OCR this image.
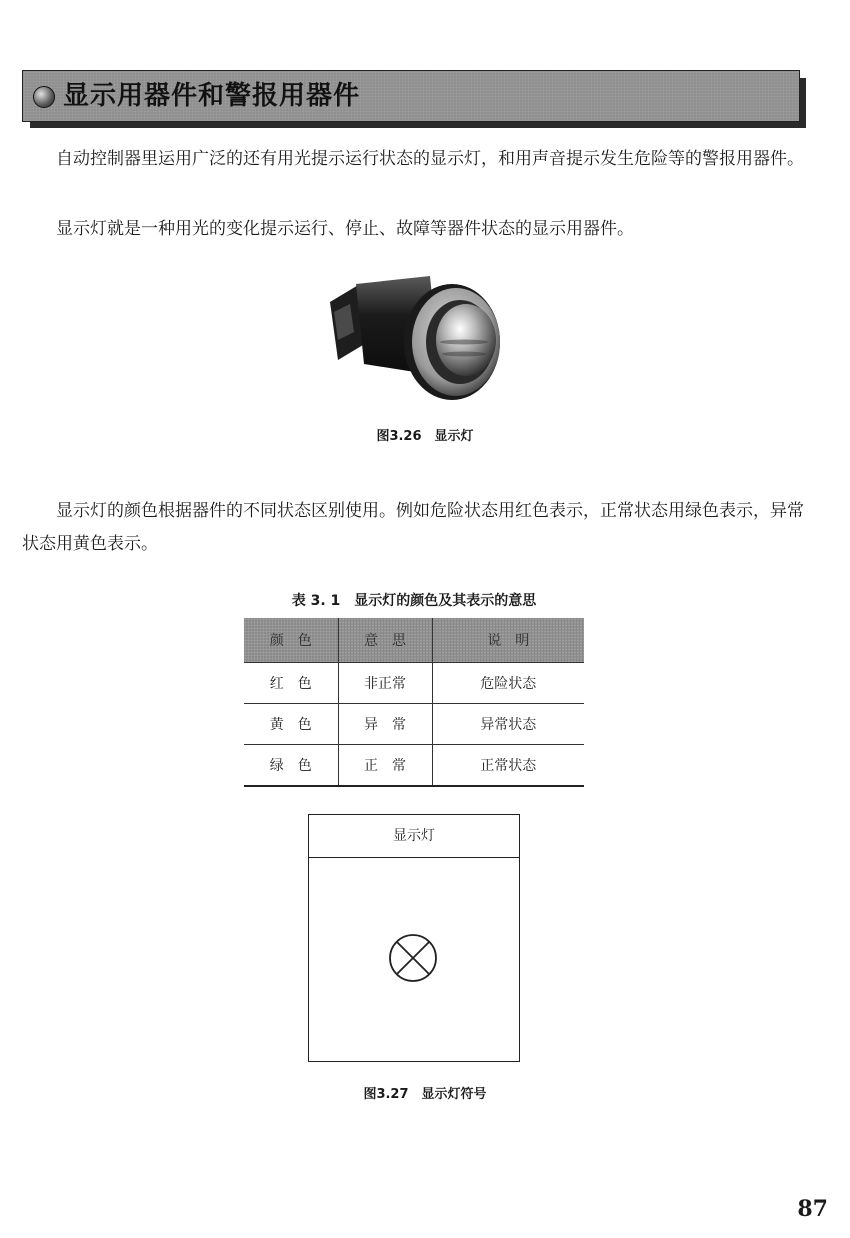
显示用器件和警报用器件

自动控制器里运用广泛的还有用光提示运行状态的显示灯，和用声音提示发生危险等的警报用器件。

显示灯就是一种用光的变化提示运行、停止、故障等器件状态的显示用器件。

图3.26　显示灯

显示灯的颜色根据器件的不同状态区别使用。例如危险状态用红色表示，正常状态用绿色表示，异常状态用黄色表示。

表 3. 1　显示灯的颜色及其表示的意思
颜　色	意　思	说　明
红　色	非正常	危险状态
黄　色	异　常	异常状态
绿　色	正　常	正常状态
显示灯
图3.27　显示灯符号
87
